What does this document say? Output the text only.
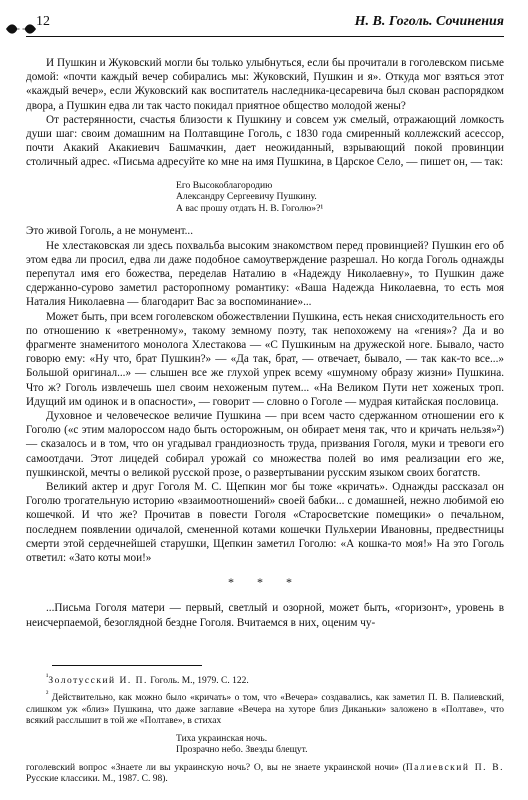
12	Н. В. Гоголь. Сочинения

И Пушкин и Жуковский могли бы только улыбнуться, если бы прочитали в гоголевском письме домой: «почти каждый вечер собирались мы: Жуковский, Пушкин и я». Откуда мог взяться этот «каждый вечер», если Жуковский как воспитатель наследника-цесаревича был скован распорядком двора, а Пушкин едва ли так часто покидал приятное общество молодой жены?

От растерянности, счастья близости к Пушкину и совсем уж смелый, отражающий ломкость души шаг: своим домашним на Полтавщине Гоголь, с 1830 года смиренный коллежский асессор, почти Акакий Акакиевич Башмачкин, дает неожиданный, взрывающий покой провинции столичный адрес. «Письма адресуйте ко мне на имя Пушкина, в Царское Село, — пишет он, — так:

Его Высокоблагородию
Александру Сергеевичу Пушкину.
А вас прошу отдать Н. В. Гоголю»?¹

Это живой Гоголь, а не монумент...

Не хлестаковская ли здесь похвальба высоким знакомством перед провинцией? Пушкин его об этом едва ли просил, едва ли даже подобное самоутверждение разрешал. Но когда Гоголь однажды перепутал имя его божества, переделав Наталию в «Надежду Николаевну», то Пушкин даже сдержанно-сурово заметил расторопному романтику: «Ваша Надежда Николаевна, то есть моя Наталия Николаевна — благодарит Вас за воспоминание»...

Может быть, при всем гоголевском обожествлении Пушкина, есть некая снисходительность его по отношению к «ветренному», такому земному поэту, так непохожему на «гения»? Да и во фрагменте знаменитого монолога Хлестакова — «С Пушкиным на дружеской ноге. Бывало, часто говорю ему: «Ну что, брат Пушкин?» — «Да так, брат, — отвечает, бывало, — так как-то все...» Большой оригинал...» — слышен все же глухой упрек всему «шумному образу жизни» Пушкина. Что ж? Гоголь извлечешь шел своим нехоженым путем... «На Великом Пути нет хоженых троп. Идущий им одинок и в опасности», — говорит — словно о Гоголе — мудрая китайская пословица.

Духовное и человеческое величие Пушкина — при всем часто сдержанном отношении его к Гоголю («с этим малороссом надо быть осторожным, он обирает меня так, что и кричать нельзя»²) — сказалось и в том, что он угадывал грандиозность труда, призвания Гоголя, муки и тревоги его самоотдачи. Этот лицедей собирал урожай со множества полей во имя реализации его же, пушкинской, мечты о великой русской прозе, о развертывании русским языком своих богатств.

Великий актер и друг Гоголя М. С. Щепкин мог бы тоже «кричать». Однажды рассказал он Гоголю трогательную историю «взаимоотношений» своей бабки... с домашней, нежно любимой ею кошечкой. И что же? Прочитав в повести Гоголя «Старосветские помещики» о печальном, последнем появлении одичалой, смененной котами кошечки Пульхерии Ивановны, предвестницы смерти этой сердечнейшей старушки, Щепкин заметил Гоголю: «А кошка-то моя!» На это Гоголь ответил: «Зато коты мои!»

* * *

...Письма Гоголя матери — первый, светлый и озорной, может быть, «горизонт», уровень в неисчерпаемой, безоглядной бездне Гоголя. Вчитаемся в них, оценим чу-

$^{^1}$Золотусский И. П. Гоголь. М., 1979. С. 122.

$^{^2}$ Действительно, как можно было «кричать» о том, что «Вечера» создавались, как заметил П. В. Палиевский, слишком уж «близ» Пушкина, что даже заглавие «Вечера на хуторе близ Диканьки» заложено в «Полтаве», что всякий расслышит в той же «Полтаве», в стихах

Тиха украинская ночь.
Прозрачно небо. Звезды блещут.

гоголевский вопрос «Знаете ли вы украинскую ночь? О, вы не знаете украинской ночи» (Палиевский П. В. Русские классики. М., 1987. С. 98).
